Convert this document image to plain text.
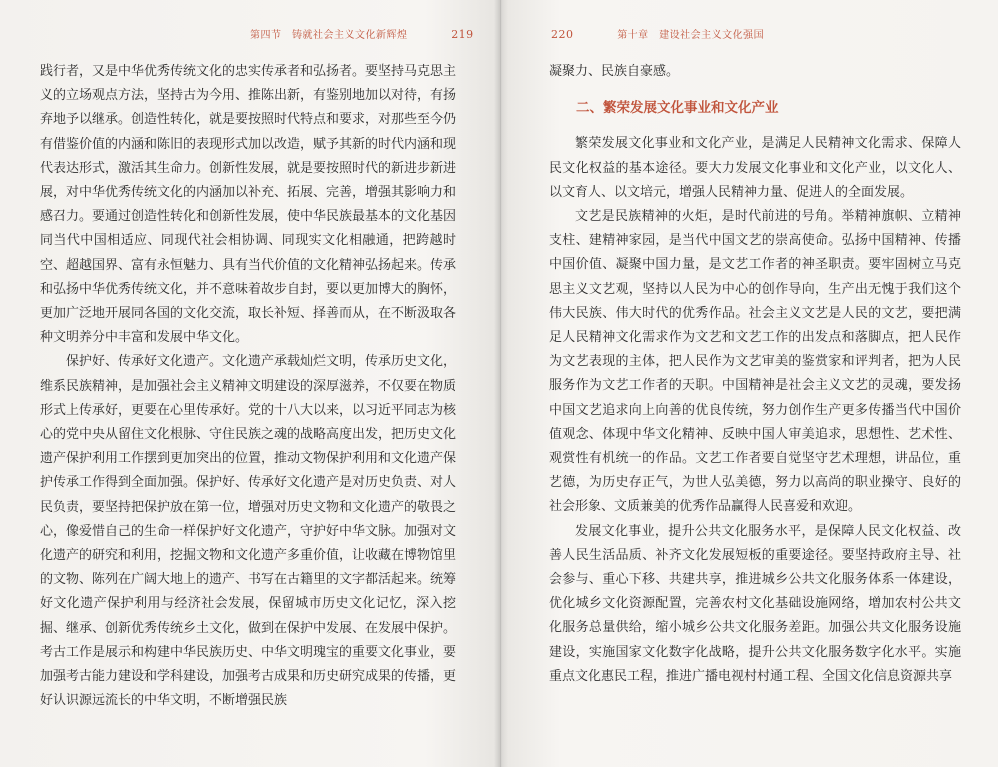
第四节　铸就社会主义文化新辉煌	219

践行者，又是中华优秀传统文化的忠实传承者和弘扬者。要坚持马克思主义的立场观点方法，坚持古为今用、推陈出新，有鉴别地加以对待，有扬弃地予以继承。创造性转化，就是要按照时代特点和要求，对那些至今仍有借鉴价值的内涵和陈旧的表现形式加以改造，赋予其新的时代内涵和现代表达形式，激活其生命力。创新性发展，就是要按照时代的新进步新进展，对中华优秀传统文化的内涵加以补充、拓展、完善，增强其影响力和感召力。要通过创造性转化和创新性发展，使中华民族最基本的文化基因同当代中国相适应、同现代社会相协调、同现实文化相融通，把跨越时空、超越国界、富有永恒魅力、具有当代价值的文化精神弘扬起来。传承和弘扬中华优秀传统文化，并不意味着故步自封，要以更加博大的胸怀，更加广泛地开展同各国的文化交流，取长补短、择善而从，在不断汲取各种文明养分中丰富和发展中华文化。

保护好、传承好文化遗产。文化遗产承载灿烂文明，传承历史文化，维系民族精神，是加强社会主义精神文明建设的深厚滋养，不仅要在物质形式上传承好，更要在心里传承好。党的十八大以来，以习近平同志为核心的党中央从留住文化根脉、守住民族之魂的战略高度出发，把历史文化遗产保护利用工作摆到更加突出的位置，推动文物保护利用和文化遗产保护传承工作得到全面加强。保护好、传承好文化遗产是对历史负责、对人民负责，要坚持把保护放在第一位，增强对历史文物和文化遗产的敬畏之心，像爱惜自己的生命一样保护好文化遗产，守护好中华文脉。加强对文化遗产的研究和利用，挖掘文物和文化遗产多重价值，让收藏在博物馆里的文物、陈列在广阔大地上的遗产、书写在古籍里的文字都活起来。统筹好文化遗产保护利用与经济社会发展，保留城市历史文化记忆，深入挖掘、继承、创新优秀传统乡土文化，做到在保护中发展、在发展中保护。考古工作是展示和构建中华民族历史、中华文明瑰宝的重要文化事业，要加强考古能力建设和学科建设，加强考古成果和历史研究成果的传播，更好认识源远流长的中华文明，不断增强民族

220	第十章　建设社会主义文化强国

凝聚力、民族自豪感。

二、繁荣发展文化事业和文化产业

繁荣发展文化事业和文化产业，是满足人民精神文化需求、保障人民文化权益的基本途径。要大力发展文化事业和文化产业，以文化人、以文育人、以文培元，增强人民精神力量、促进人的全面发展。

文艺是民族精神的火炬，是时代前进的号角。举精神旗帜、立精神支柱、建精神家园，是当代中国文艺的崇高使命。弘扬中国精神、传播中国价值、凝聚中国力量，是文艺工作者的神圣职责。要牢固树立马克思主义文艺观，坚持以人民为中心的创作导向，生产出无愧于我们这个伟大民族、伟大时代的优秀作品。社会主义文艺是人民的文艺，要把满足人民精神文化需求作为文艺和文艺工作的出发点和落脚点，把人民作为文艺表现的主体，把人民作为文艺审美的鉴赏家和评判者，把为人民服务作为文艺工作者的天职。中国精神是社会主义文艺的灵魂，要发扬中国文艺追求向上向善的优良传统，努力创作生产更多传播当代中国价值观念、体现中华文化精神、反映中国人审美追求，思想性、艺术性、观赏性有机统一的作品。文艺工作者要自觉坚守艺术理想，讲品位，重艺德，为历史存正气，为世人弘美德，努力以高尚的职业操守、良好的社会形象、文质兼美的优秀作品赢得人民喜爱和欢迎。

发展文化事业，提升公共文化服务水平，是保障人民文化权益、改善人民生活品质、补齐文化发展短板的重要途径。要坚持政府主导、社会参与、重心下移、共建共享，推进城乡公共文化服务体系一体建设，优化城乡文化资源配置，完善农村文化基础设施网络，增加农村公共文化服务总量供给，缩小城乡公共文化服务差距。加强公共文化服务设施建设，实施国家文化数字化战略，提升公共文化服务数字化水平。实施重点文化惠民工程，推进广播电视村村通工程、全国文化信息资源共享
